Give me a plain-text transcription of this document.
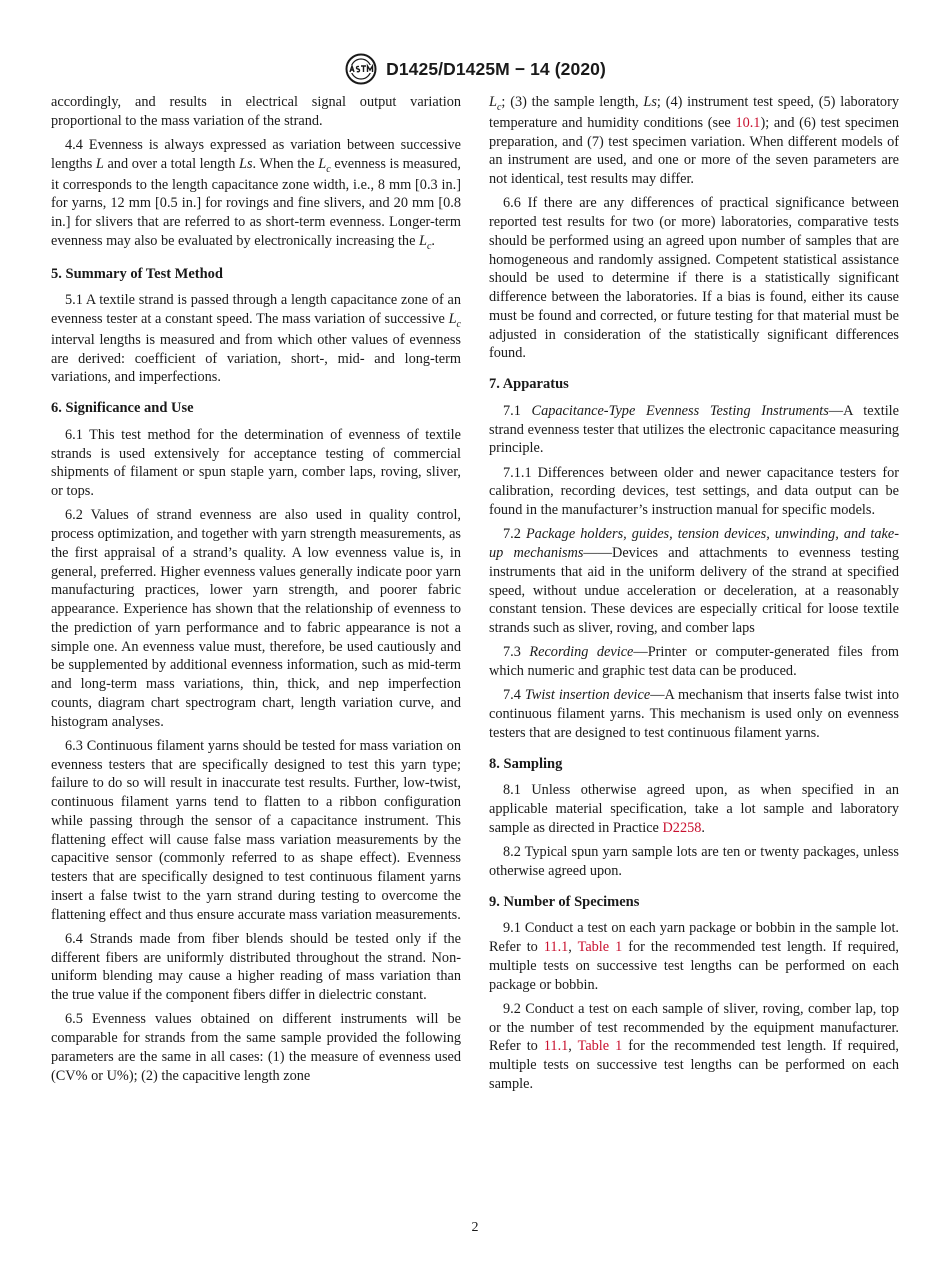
D1425/D1425M − 14 (2020)

accordingly, and results in electrical signal output variation proportional to the mass variation of the strand.

4.4 Evenness is always expressed as variation between successive lengths L and over a total length Ls. When the $L_c$ evenness is measured, it corresponds to the length capacitance zone width, i.e., 8 mm [0.3 in.] for yarns, 12 mm [0.5 in.] for rovings and fine slivers, and 20 mm [0.8 in.] for slivers that are referred to as short-term evenness. Longer-term evenness may also be evaluated by electronically increasing the $L_c$.

5. Summary of Test Method

5.1 A textile strand is passed through a length capacitance zone of an evenness tester at a constant speed. The mass variation of successive $L_c$ interval lengths is measured and from which other values of evenness are derived: coefficient of variation, short-, mid- and long-term variations, and imperfections.

6. Significance and Use

6.1 This test method for the determination of evenness of textile strands is used extensively for acceptance testing of commercial shipments of filament or spun staple yarn, comber laps, roving, sliver, or tops.

6.2 Values of strand evenness are also used in quality control, process optimization, and together with yarn strength measurements, as the first appraisal of a strand’s quality. A low evenness value is, in general, preferred. Higher evenness values generally indicate poor yarn manufacturing practices, lower yarn strength, and poorer fabric appearance. Experience has shown that the relationship of evenness to the prediction of yarn performance and to fabric appearance is not a simple one. An evenness value must, therefore, be used cautiously and be supplemented by additional evenness information, such as mid-term and long-term mass variations, thin, thick, and nep imperfection counts, diagram chart spectrogram chart, length variation curve, and histogram analyses.

6.3 Continuous filament yarns should be tested for mass variation on evenness testers that are specifically designed to test this yarn type; failure to do so will result in inaccurate test results. Further, low-twist, continuous filament yarns tend to flatten to a ribbon configuration while passing through the sensor of a capacitance instrument. This flattening effect will cause false mass variation measurements by the capacitive sensor (commonly referred to as shape effect). Evenness testers that are specifically designed to test continuous filament yarns insert a false twist to the yarn strand during testing to overcome the flattening effect and thus ensure accurate mass variation measurements.

6.4 Strands made from fiber blends should be tested only if the different fibers are uniformly distributed throughout the strand. Non-uniform blending may cause a higher reading of mass variation than the true value if the component fibers differ in dielectric constant.

6.5 Evenness values obtained on different instruments will be comparable for strands from the same sample provided the following parameters are the same in all cases: (1) the measure of evenness used (CV% or U%); (2) the capacitive length zone

$L_c$; (3) the sample length, Ls; (4) instrument test speed, (5) laboratory temperature and humidity conditions (see 10.1); and (6) test specimen preparation, and (7) test specimen variation. When different models of an instrument are used, and one or more of the seven parameters are not identical, test results may differ.

6.6 If there are any differences of practical significance between reported test results for two (or more) laboratories, comparative tests should be performed using an agreed upon number of samples that are homogeneous and randomly assigned. Competent statistical assistance should be used to determine if there is a statistically significant difference between the laboratories. If a bias is found, either its cause must be found and corrected, or future testing for that material must be adjusted in consideration of the statistically significant differences found.

7. Apparatus

7.1 Capacitance-Type Evenness Testing Instruments—A textile strand evenness tester that utilizes the electronic capacitance measuring principle.

7.1.1 Differences between older and newer capacitance testers for calibration, recording devices, test settings, and data output can be found in the manufacturer’s instruction manual for specific models.

7.2 Package holders, guides, tension devices, unwinding, and take-up mechanisms——Devices and attachments to evenness testing instruments that aid in the uniform delivery of the strand at specified speed, without undue acceleration or deceleration, at a reasonably constant tension. These devices are especially critical for loose textile strands such as sliver, roving, and comber laps

7.3 Recording device—Printer or computer-generated files from which numeric and graphic test data can be produced.

7.4 Twist insertion device—A mechanism that inserts false twist into continuous filament yarns. This mechanism is used only on evenness testers that are designed to test continuous filament yarns.

8. Sampling

8.1 Unless otherwise agreed upon, as when specified in an applicable material specification, take a lot sample and laboratory sample as directed in Practice D2258.

8.2 Typical spun yarn sample lots are ten or twenty packages, unless otherwise agreed upon.

9. Number of Specimens

9.1 Conduct a test on each yarn package or bobbin in the sample lot. Refer to 11.1, Table 1 for the recommended test length. If required, multiple tests on successive test lengths can be performed on each package or bobbin.

9.2 Conduct a test on each sample of sliver, roving, comber lap, top or the number of test recommended by the equipment manufacturer. Refer to 11.1, Table 1 for the recommended test length. If required, multiple tests on successive test lengths can be performed on each sample.

2
